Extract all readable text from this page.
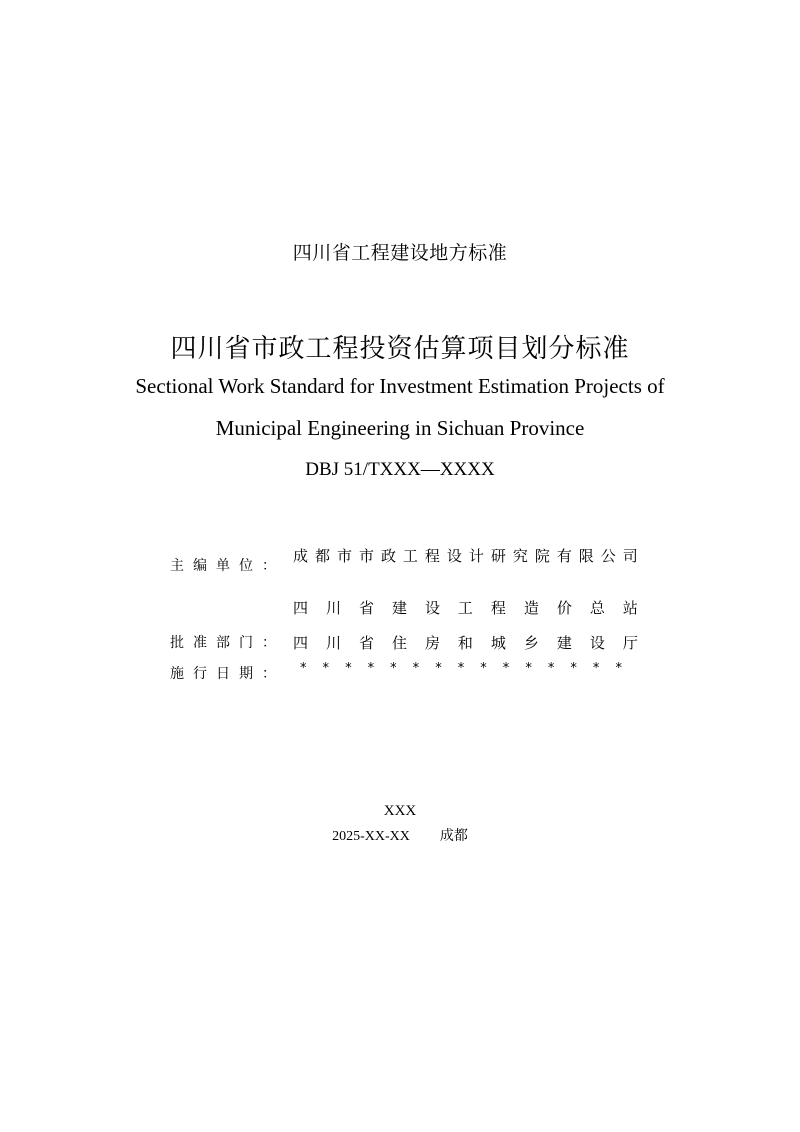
四川省工程建设地方标准
四川省市政工程投资估算项目划分标准
Sectional Work Standard for Investment Estimation Projects of
Municipal Engineering in Sichuan Province
DBJ 51/TXXX—XXXX
主编单位：
成 都 市 市 政 工 程 设 计 研 究 院 有 限 公 司
四 川 省 建 设 工 程 造 价 总 站
批准部门： 四 川 省 住 房 和 城 乡 建 设 厅
施行日期： * * * * * * * * * * * * * * *
XXX
2025-XX-XX 成都
